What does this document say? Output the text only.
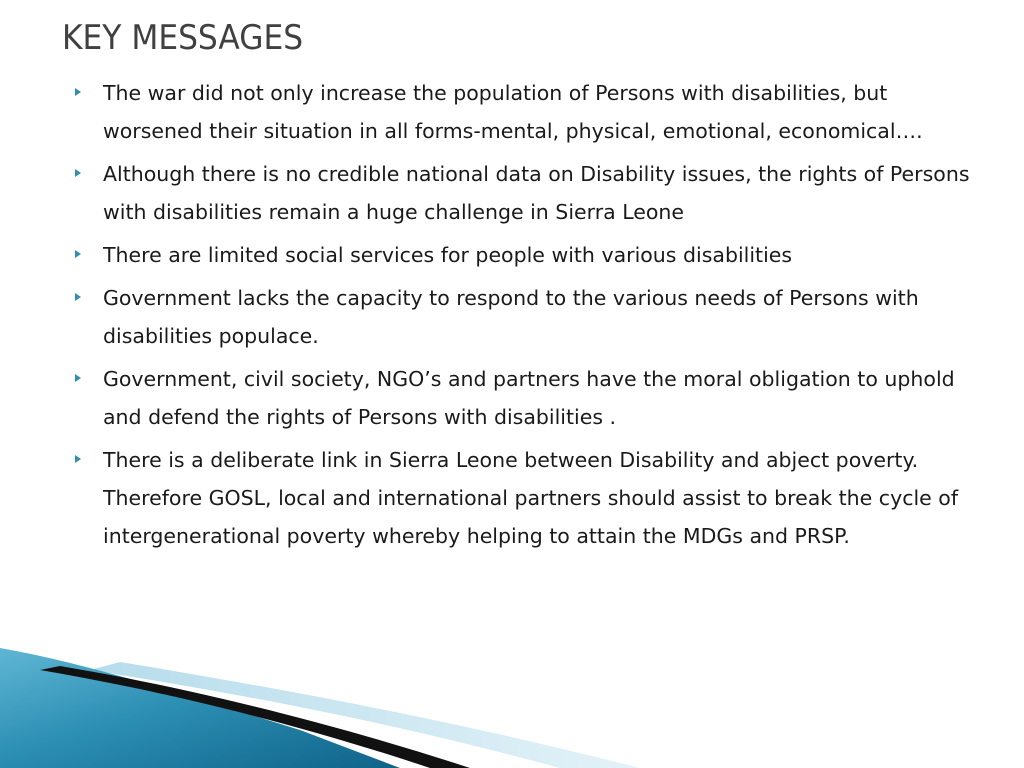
KEY MESSAGES
The war did not only increase the population of Persons with disabilities, but worsened their situation in all forms-mental, physical, emotional, economical….
Although there is no credible national data on Disability issues, the rights of Persons with disabilities remain a huge challenge in Sierra Leone
There are limited social services for people with various disabilities
Government lacks the capacity to respond to the various needs of Persons with disabilities populace.
Government, civil society, NGO’s and partners have the moral obligation to uphold and defend the rights of Persons with disabilities .
There is a deliberate link in Sierra Leone between Disability and abject poverty. Therefore GOSL, local and international partners should assist to break the cycle of intergenerational poverty whereby helping to attain the MDGs and PRSP.
